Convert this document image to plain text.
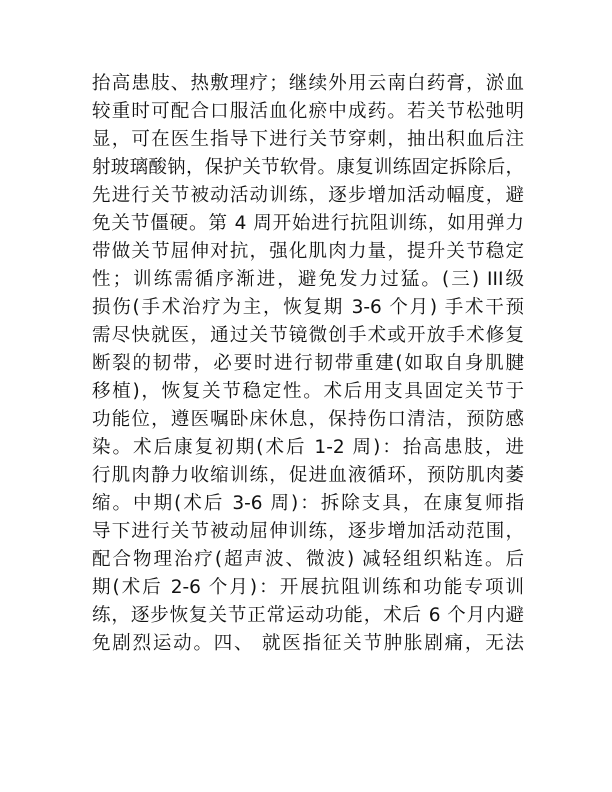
抬高患肢、热敷理疗；继续外用云南白药膏，淤血
较重时可配合口服活血化瘀中成药。若关节松弛明
显，可在医生指导下进行关节穿刺，抽出积血后注
射玻璃酸钠，保护关节软骨。康复训练固定拆除后，
先进行关节被动活动训练，逐步增加活动幅度，避
免关节僵硬。第 4 周开始进行抗阻训练，如用弹力
带做关节屈伸对抗，强化肌肉力量，提升关节稳定
性；训练需循序渐进，避免发力过猛。(三) III级
损伤(手术治疗为主，恢复期 3-6 个月) 手术干预
需尽快就医，通过关节镜微创手术或开放手术修复
断裂的韧带，必要时进行韧带重建(如取自身肌腱
移植)，恢复关节稳定性。术后用支具固定关节于
功能位，遵医嘱卧床休息，保持伤口清洁，预防感
染。术后康复初期(术后 1-2 周)：抬高患肢，进
行肌肉静力收缩训练，促进血液循环，预防肌肉萎
缩。中期(术后 3-6 周)：拆除支具，在康复师指
导下进行关节被动屈伸训练，逐步增加活动范围，
配合物理治疗(超声波、微波) 减轻组织粘连。后
期(术后 2-6 个月)：开展抗阻训练和功能专项训
练，逐步恢复关节正常运动功能，术后 6 个月内避
免剧烈运动。四、 就医指征关节肿胀剧痛，无法
